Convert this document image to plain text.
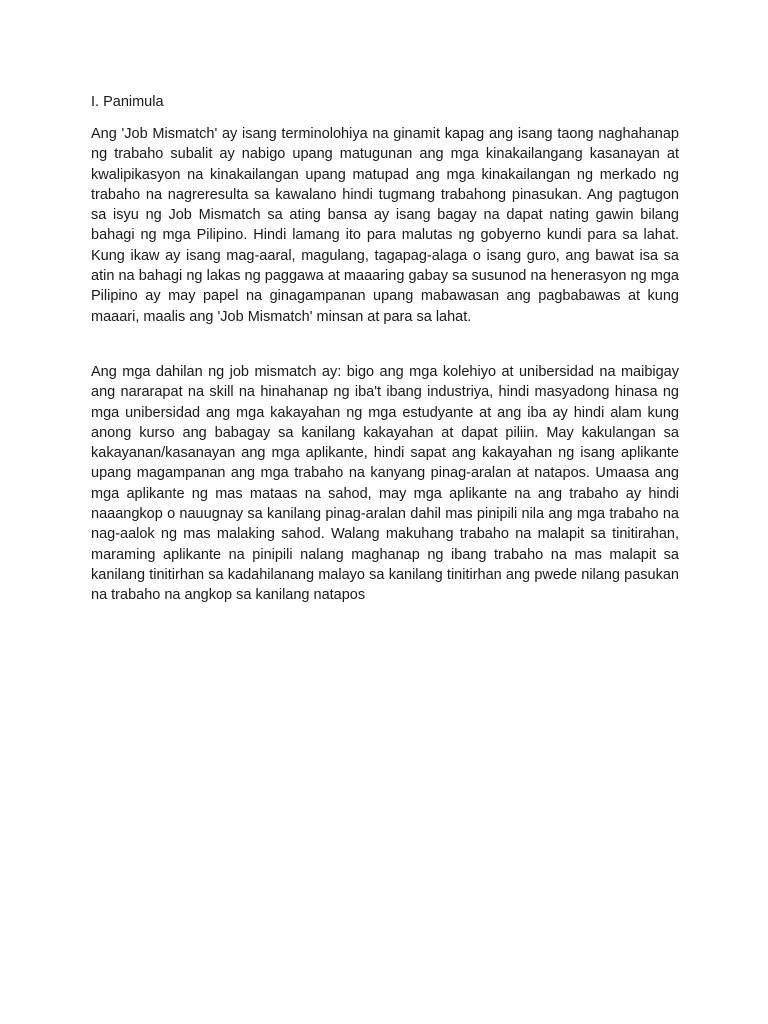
I. Panimula

Ang 'Job Mismatch' ay isang terminolohiya na ginamit kapag ang isang taong naghahanap ng trabaho subalit ay nabigo upang matugunan ang mga kinakailangang kasanayan at kwalipikasyon na kinakailangan upang matupad ang mga kinakailangan ng merkado ng trabaho na nagreresulta sa kawalano hindi tugmang trabahong pinasukan. Ang pagtugon sa isyu ng Job Mismatch sa ating bansa ay isang bagay na dapat nating gawin bilang bahagi ng mga Pilipino. Hindi lamang ito para malutas ng gobyerno kundi para sa lahat. Kung ikaw ay isang mag-aaral, magulang, tagapag-alaga o isang guro, ang bawat isa sa atin na bahagi ng lakas ng paggawa at maaaring gabay sa susunod na henerasyon ng mga Pilipino ay may papel na ginagampanan upang mabawasan ang pagbabawas at kung maaari, maalis ang 'Job Mismatch' minsan at para sa lahat.

Ang mga dahilan ng job mismatch ay: bigo ang mga kolehiyo at unibersidad na maibigay ang nararapat na skill na hinahanap ng iba't ibang industriya, hindi masyadong hinasa ng mga unibersidad ang mga kakayahan ng mga estudyante at ang iba ay hindi alam kung anong kurso ang babagay sa kanilang kakayahan at dapat piliin. May kakulangan sa kakayanan/kasanayan ang mga aplikante, hindi sapat ang kakayahan ng isang aplikante upang magampanan ang mga trabaho na kanyang pinag-aralan at natapos. Umaasa ang mga aplikante ng mas mataas na sahod, may mga aplikante na ang trabaho ay hindi naaangkop o nauugnay sa kanilang pinag-aralan dahil mas pinipili nila ang mga trabaho na nag-aalok ng mas malaking sahod. Walang makuhang trabaho na malapit sa tinitirahan, maraming aplikante na pinipili nalang maghanap ng ibang trabaho na mas malapit sa kanilang tinitirhan sa kadahilanang malayo sa kanilang tinitirhan ang pwede nilang pasukan na trabaho na angkop sa kanilang natapos
